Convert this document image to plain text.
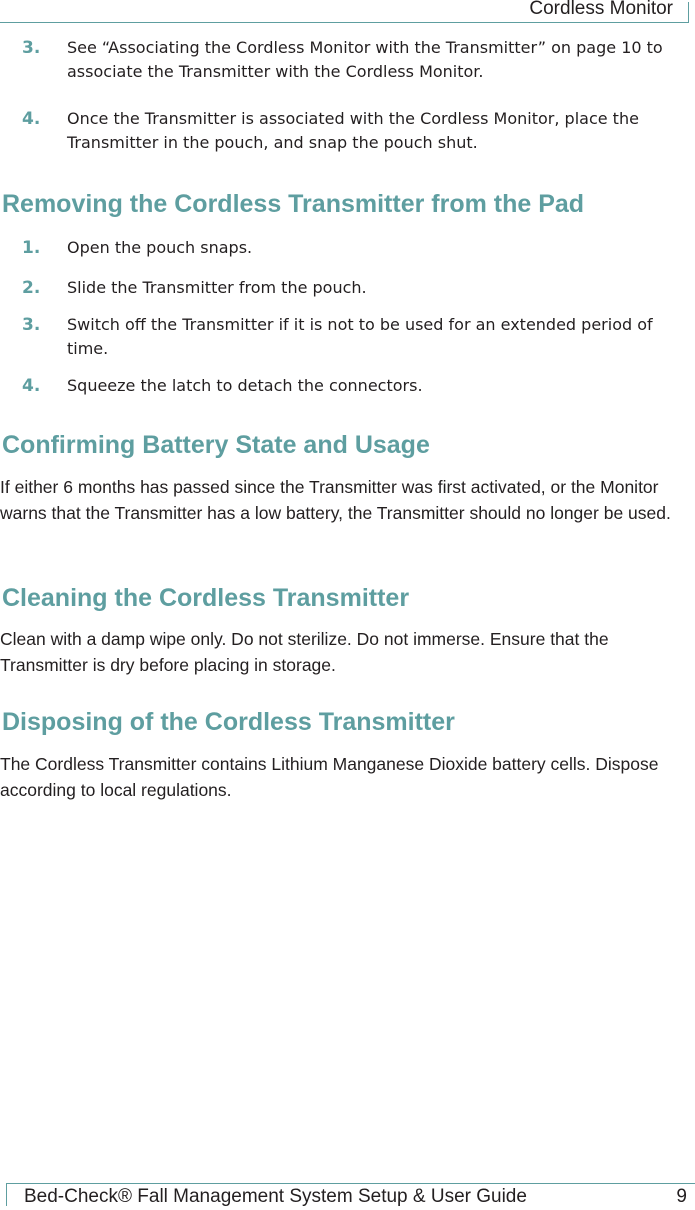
Cordless Monitor
3. See “Associating the Cordless Monitor with the Transmitter” on page 10 to associate the Transmitter with the Cordless Monitor.
4. Once the Transmitter is associated with the Cordless Monitor, place the Transmitter in the pouch, and snap the pouch shut.
Removing the Cordless Transmitter from the Pad
1. Open the pouch snaps.
2. Slide the Transmitter from the pouch.
3. Switch off the Transmitter if it is not to be used for an extended period of time.
4. Squeeze the latch to detach the connectors.
Confirming Battery State and Usage
If either 6 months has passed since the Transmitter was first activated, or the Monitor warns that the Transmitter has a low battery, the Transmitter should no longer be used.
Cleaning the Cordless Transmitter
Clean with a damp wipe only. Do not sterilize. Do not immerse. Ensure that the Transmitter is dry before placing in storage.
Disposing of the Cordless Transmitter
The Cordless Transmitter contains Lithium Manganese Dioxide battery cells. Dispose according to local regulations.
Bed-Check® Fall Management System Setup & User Guide	9
